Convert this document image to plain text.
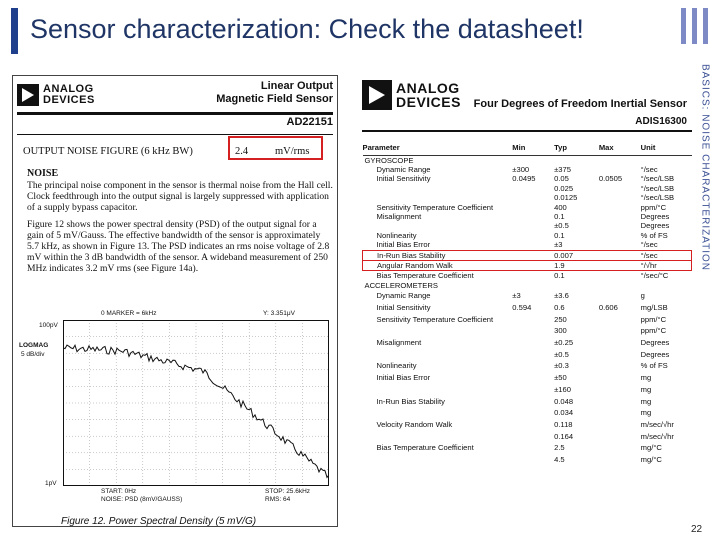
Sensor characterization: Check the datasheet!
BASICS: NOISE CHARACTERIZATION
22
ANALOG
DEVICES
Linear Output
Magnetic Field Sensor
AD22151
OUTPUT NOISE FIGURE (6 kHz BW)	2.4	mV/rms
NOISE

The principal noise component in the sensor is thermal noise from the Hall cell. Clock feedthrough into the output signal is largely suppressed with application of a supply bypass capacitor.

Figure 12 shows the power spectral density (PSD) of the output signal for a gain of 5 mV/Gauss. The effective bandwidth of the sensor is approximately 5.7 kHz, as shown in Figure 13. The PSD indicates an rms noise voltage of 2.8 mV within the 3 dB bandwidth of the sensor. A wideband measurement of 250 MHz indicates 3.2 mV rms (see Figure 14a).

0 MARKER = 6kHz	Y: 3.351μV
100pV
LOGMAG
5 dB/div
1pV
START: 0Hz	STOP: 25.6kHz
NOISE: PSD (8mV/GAUSS)	RMS: 64
Figure 12. Power Spectral Density (5 mV/G)
ANALOG
DEVICES Four Degrees of Freedom Inertial Sensor
ADIS16300
Parameter	Min	Typ	Max	Unit
GYROSCOPE				
Dynamic Range	±300	±375		°/sec
Initial Sensitivity	0.0495	0.05	0.0505	°/sec/LSB
		0.025		°/sec/LSB
		0.0125		°/sec/LSB
Sensitivity Temperature Coefficient		400		ppm/°C
Misalignment		0.1		Degrees
		±0.5		Degrees
Nonlinearity		0.1		% of FS
Initial Bias Error		±3		°/sec
In-Run Bias Stability		0.007		°/sec
Angular Random Walk		1.9		°/√hr
Bias Temperature Coefficient		0.1		°/sec/°C
ACCELEROMETERS				
Dynamic Range	±3	±3.6		g
Initial Sensitivity	0.594	0.6	0.606	mg/LSB
Sensitivity Temperature Coefficient		250		ppm/°C
		300		ppm/°C
Misalignment		±0.25		Degrees
		±0.5		Degrees
Nonlinearity		±0.3		% of FS
Initial Bias Error		±50		mg
		±160		mg
In-Run Bias Stability		0.048		mg
		0.034		mg
Velocity Random Walk		0.118		m/sec/√hr
		0.164		m/sec/√hr
Bias Temperature Coefficient		2.5		mg/°C
		4.5		mg/°C
